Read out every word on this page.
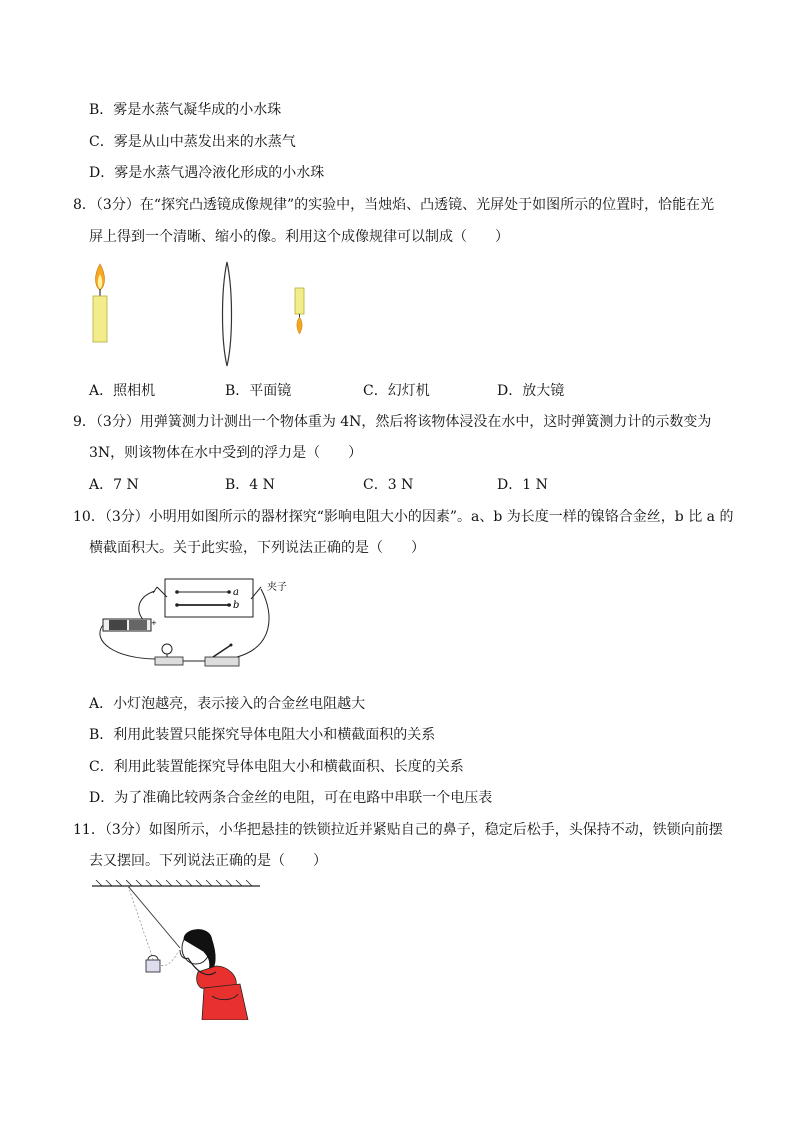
B．雾是水蒸气凝华成的小水珠
C．雾是从山中蒸发出来的水蒸气
D．雾是水蒸气遇冷液化形成的小水珠
8．（3分）在“探究凸透镜成像规律”的实验中，当烛焰、凸透镜、光屏处于如图所示的位置时，恰能在光
屏上得到一个清晰、缩小的像。利用这个成像规律可以制成（　　）
A．照相机	B．平面镜	C．幻灯机	D．放大镜
9．（3分）用弹簧测力计测出一个物体重为 4N，然后将该物体浸没在水中，这时弹簧测力计的示数变为
3N，则该物体在水中受到的浮力是（　　）
A．7 N	B．4 N	C．3 N	D．1 N
10．（3分）小明用如图所示的器材探究“影响电阻大小的因素”。a、b 为长度一样的镍铬合金丝，b 比 a 的
横截面积大。关于此实验，下列说法正确的是（　　）
a
b
夹子
+
A．小灯泡越亮，表示接入的合金丝电阻越大
B．利用此装置只能探究导体电阻大小和横截面积的关系
C．利用此装置能探究导体电阻大小和横截面积、长度的关系
D．为了准确比较两条合金丝的电阻，可在电路中串联一个电压表
11．（3分）如图所示，小华把悬挂的铁锁拉近并紧贴自己的鼻子，稳定后松手，头保持不动，铁锁向前摆
去又摆回。下列说法正确的是（　　）
